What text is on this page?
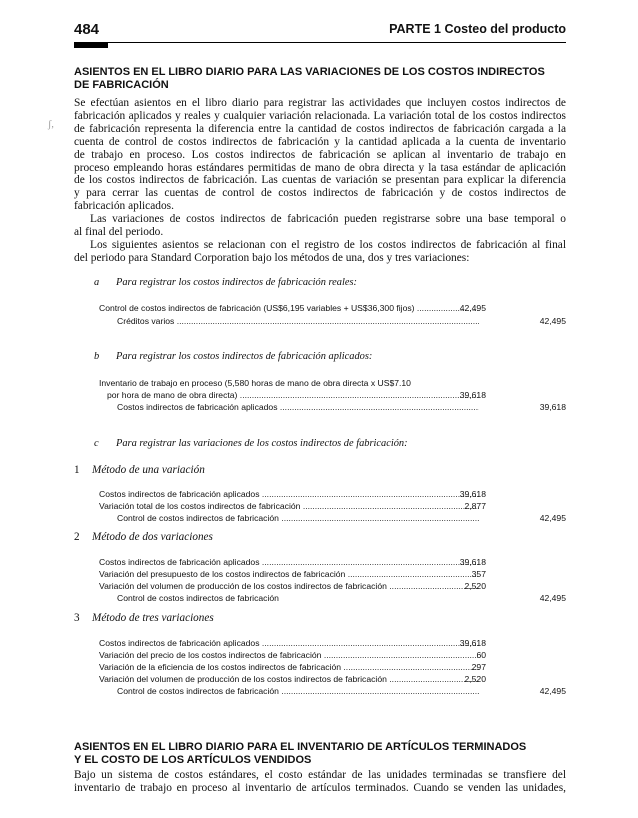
484	PARTE 1 Costeo del producto
ASIENTOS EN EL LIBRO DIARIO PARA LAS VARIACIONES DE LOS COSTOS INDIRECTOS
DE FABRICACIÓN
Se efectúan asientos en el libro diario para registrar las actividades que incluyen costos indirectos de
fabricación aplicados y reales y cualquier variación relacionada. La variación total de los costos indirectos
de fabricación representa la diferencia entre la cantidad de costos indirectos de fabricación cargada a la
cuenta de control de costos indirectos de fabricación y la cantidad aplicada a la cuenta de inventario
de trabajo en proceso. Los costos indirectos de fabricación se aplican al inventario de trabajo en
proceso empleando horas estándares permitidas de mano de obra directa y la tasa estándar de aplicación
de los costos indirectos de fabricación. Las cuentas de variación se presentan para explicar la diferencia
y para cerrar las cuentas de control de costos indirectos de fabricación y de costos indirectos de
fabricación aplicados.
Las variaciones de costos indirectos de fabricación pueden registrarse sobre una base temporal o
al final del periodo.
Los siguientes asientos se relacionan con el registro de los costos indirectos de fabricación al final
del periodo para Standard Corporation bajo los métodos de una, dos y tres variaciones:
ʃ,
a Para registrar los costos indirectos de fabricación reales:
Control de costos indirectos de fabricación (US$6,195 variables + US$36,300 fijos) .....	42,495
Créditos varios .....	42,495
b Para registrar los costos indirectos de fabricación aplicados:
Inventario de trabajo en proceso (5,580 horas de mano de obra directa x US$7.10
por hora de mano de obra directa) .....	39,618
Costos indirectos de fabricación aplicados .....	39,618
c Para registrar las variaciones de los costos indirectos de fabricación:
1 Método de una variación
Costos indirectos de fabricación aplicados .....	39,618
Variación total de los costos indirectos de fabricación .....	2,877
Control de costos indirectos de fabricación .....	42,495
2 Método de dos variaciones
Costos indirectos de fabricación aplicados .....	39,618
Variación del presupuesto de los costos indirectos de fabricación .....	357
Variación del volumen de producción de los costos indirectos de fabricación .....	2,520
Control de costos indirectos de fabricación	42,495
3 Método de tres variaciones
Costos indirectos de fabricación aplicados .....	39,618
Variación del precio de los costos indirectos de fabricación .....	60
Variación de la eficiencia de los costos indirectos de fabricación .....	297
Variación del volumen de producción de los costos indirectos de fabricación .....	2,520
Control de costos indirectos de fabricación .....	42,495
ASIENTOS EN EL LIBRO DIARIO PARA EL INVENTARIO DE ARTÍCULOS TERMINADOS
Y EL COSTO DE LOS ARTÍCULOS VENDIDOS
Bajo un sistema de costos estándares, el costo estándar de las unidades terminadas se transfiere del
inventario de trabajo en proceso al inventario de artículos terminados. Cuando se venden las unidades,
